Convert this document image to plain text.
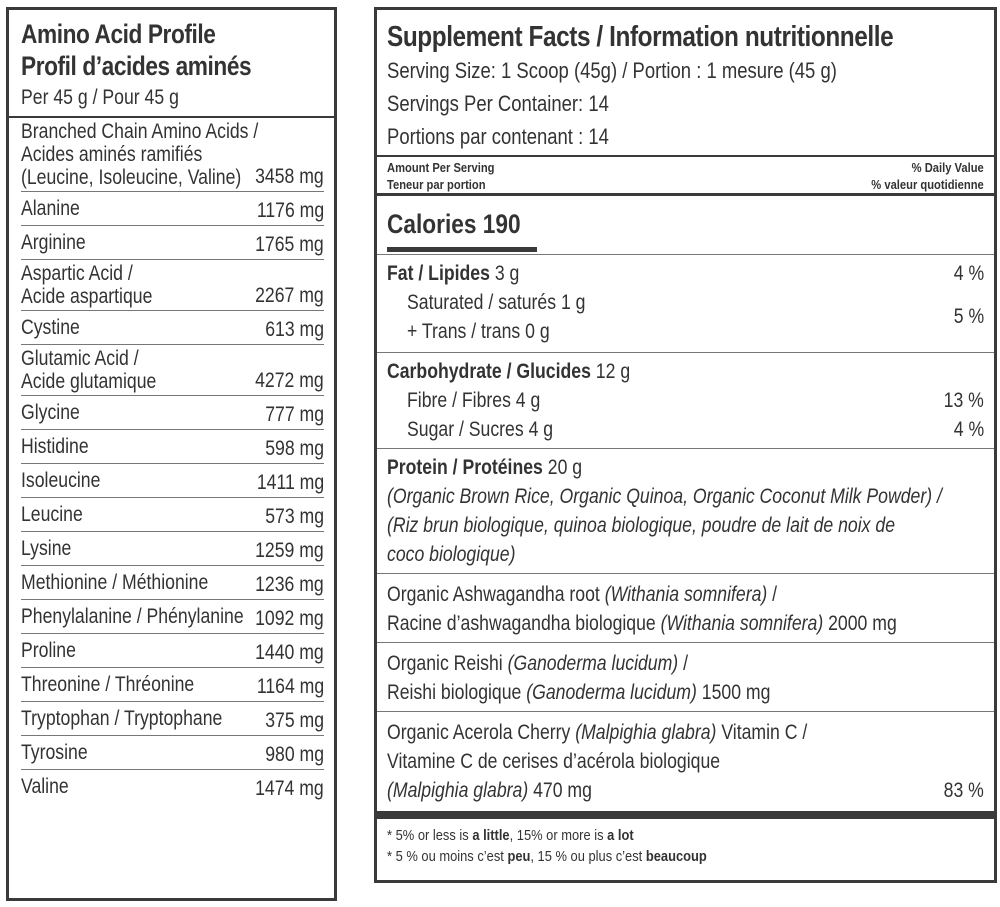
Amino Acid Profile
Profil d’acides aminés
Per 45 g / Pour 45 g
Branched Chain Amino Acids /
Acides aminés ramifiés
(Leucine, Isoleucine, Valine) 3458 mg
Alanine	1176 mg
Arginine	1765 mg
Aspartic Acid /
Acide aspartique	2267 mg
Cystine	613 mg
Glutamic Acid /
Acide glutamique	4272 mg
Glycine	777 mg
Histidine	598 mg
Isoleucine	1411 mg
Leucine	573 mg
Lysine	1259 mg
Methionine / Méthionine	1236 mg
Phenylalanine / Phénylanine 1092 mg
Proline	1440 mg
Threonine / Thréonine	1164 mg
Tryptophan / Tryptophane	375 mg
Tyrosine	980 mg
Valine	1474 mg
Supplement Facts / Information nutritionnelle
Serving Size: 1 Scoop (45g) / Portion : 1 mesure (45 g)
Servings Per Container: 14
Portions par contenant : 14
Amount Per Serving
Teneur par portion
% Daily Value
% valeur quotidienne
Calories 190
Fat / Lipides 3 g	4 %
Saturated / saturés 1 g
+ Trans / trans 0 g
5 %
Carbohydrate / Glucides 12 g
Fibre / Fibres 4 g	13 %
Sugar / Sucres 4 g	4 %
Protein / Protéines 20 g
(Organic Brown Rice, Organic Quinoa, Organic Coconut Milk Powder) /
(Riz brun biologique, quinoa biologique, poudre de lait de noix de
coco biologique)
Organic Ashwagandha root (Withania somnifera) /
Racine d’ashwagandha biologique (Withania somnifera) 2000 mg
Organic Reishi (Ganoderma lucidum) /
Reishi biologique (Ganoderma lucidum) 1500 mg
Organic Acerola Cherry (Malpighia glabra) Vitamin C /
Vitamine C de cerises d’acérola biologique
(Malpighia glabra) 470 mg	83 %
* 5% or less is a little, 15% or more is a lot
* 5 % ou moins c’est peu, 15 % ou plus c’est beaucoup
